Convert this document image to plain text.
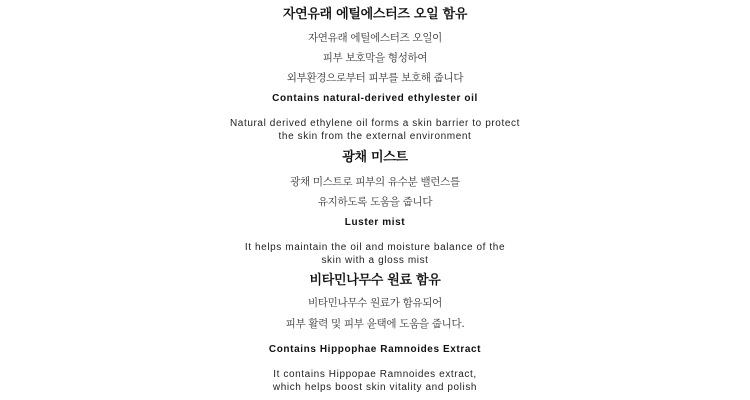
자연유래 에틸에스터즈 오일 함유
자연유래 에틸에스터즈 오일이
피부 보호막을 형성하여
외부환경으로부터 피부를 보호해 줍니다
Contains natural-derived ethylester oil
Natural derived ethylene oil forms a skin barrier to protect
the skin from the external environment
광채 미스트
광채 미스트로 피부의 유수분 밸런스를
유지하도록 도움을 줍니다
Luster mist
It helps maintain the oil and moisture balance of the
skin with a gloss mist
비타민나무수 원료 함유
비타민나무수 원료가 함유되어
피부 활력 및 피부 윤택에 도움을 줍니다.
Contains Hippophae Ramnoides Extract
It contains Hippopae Ramnoides extract,
which helps boost skin vitality and polish
